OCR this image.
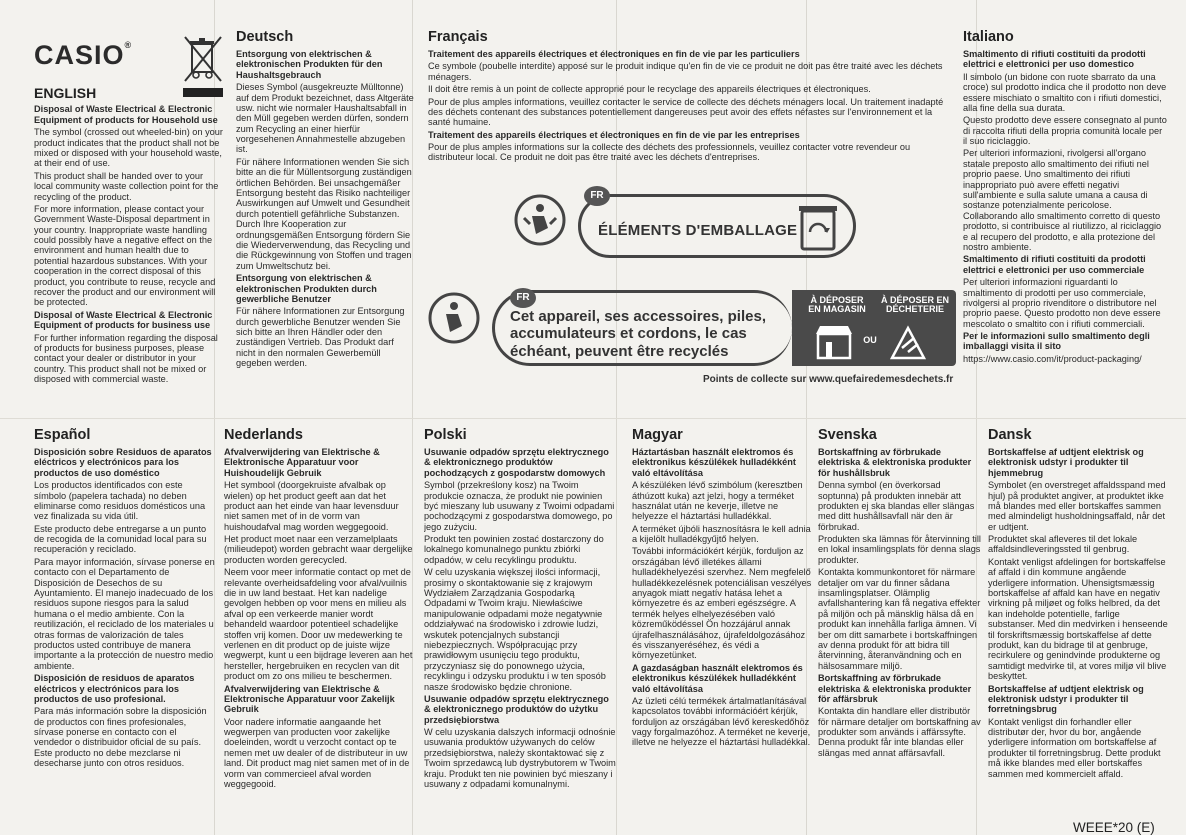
CASIO®
ENGLISH

Disposal of Waste Electrical & Electronic Equipment of products for Household use

The symbol (crossed out wheeled-bin) on your product indicates that the product shall not be mixed or disposed with your household waste, at their end of use.

This product shall be handed over to your local community waste collection point for the recycling of the product.

For more information, please contact your Government Waste-Disposal department in your country. Inappropriate waste handling could possibly have a negative effect on the environment and human health due to potential hazardous substances. With your cooperation in the correct disposal of this product, you contribute to reuse, recycle and recover the product and our environment will be protected.

Disposal of Waste Electrical & Electronic Equipment of products for business use

For further information regarding the disposal of products for business purposes, please contact your dealer or distributor in your country. This product shall not be mixed or disposed with commercial waste.

Deutsch

Entsorgung von elektrischen & elektronischen Produkten für den Haushaltsgebrauch

Dieses Symbol (ausgekreuzte Mülltonne) auf dem Produkt bezeichnet, dass Altgeräte usw. nicht wie normaler Haushaltsabfall in den Müll gegeben werden dürfen, sondern zum Recycling an einer hierfür vorgesehenen Annahmestelle abzugeben ist.

Für nähere Informationen wenden Sie sich bitte an die für Müllentsorgung zuständigen örtlichen Behörden. Bei unsachgemäßer Entsorgung besteht das Risiko nachteiliger Auswirkungen auf Umwelt und Gesundheit durch potentiell gefährliche Substanzen. Durch Ihre Kooperation zur ordnungsgemäßen Entsorgung fördern Sie die Wiederverwendung, das Recycling und die Rückgewinnung von Stoffen und tragen zum Umweltschutz bei.

Entsorgung von elektrischen & elektronischen Produkten durch gewerbliche Benutzer

Für nähere Informationen zur Entsorgung durch gewerbliche Benutzer wenden Sie sich bitte an Ihren Händler oder den zuständigen Vertrieb. Das Produkt darf nicht in den normalen Gewerbemüll gegeben werden.

Français

Traitement des appareils électriques et électroniques en fin de vie par les particuliers

Ce symbole (poubelle interdite) apposé sur le produit indique qu'en fin de vie ce produit ne doit pas être traité avec les déchets ménagers.

Il doit être remis à un point de collecte approprié pour le recyclage des appareils électriques et électroniques.

Pour de plus amples informations, veuillez contacter le service de collecte des déchets ménagers local. Un traitement inadapté des déchets contenant des substances potentiellement dangereuses peut avoir des effets néfastes sur l'environnement et la santé humaine.

Traitement des appareils électriques et électroniques en fin de vie par les entreprises

Pour de plus amples informations sur la collecte des déchets des professionnels, veuillez contacter votre revendeur ou distributeur local. Ce produit ne doit pas être traité avec les déchets d'entreprises.

FR
ÉLÉMENTS D'EMBALLAGE
FR
Cet appareil, ses accessoires, piles, accumulateurs et cordons, le cas échéant, peuvent être recyclés
À DÉPOSER EN MAGASIN
À DÉPOSER EN DÉCHETERIE
OU
Points de collecte sur www.quefairedemesdechets.fr
Italiano

Smaltimento di rifiuti costituiti da prodotti elettrici e elettronici per uso domestico

Il simbolo (un bidone con ruote sbarrato da una croce) sul prodotto indica che il prodotto non deve essere mischiato o smaltito con i rifiuti domestici, alla fine della sua durata.

Questo prodotto deve essere consegnato al punto di raccolta rifiuti della propria comunità locale per il suo riciclaggio.

Per ulteriori informazioni, rivolgersi all'organo statale preposto allo smaltimento dei rifiuti nel proprio paese. Uno smaltimento dei rifiuti inappropriato può avere effetti negativi sull'ambiente e sulla salute umana a causa di sostanze potenzialmente pericolose. Collaborando allo smaltimento corretto di questo prodotto, si contribuisce al riutilizzo, al riciclaggio e al recupero del prodotto, e alla protezione del nostro ambiente.

Smaltimento di rifiuti costituiti da prodotti elettrici e elettronici per uso commerciale

Per ulteriori informazioni riguardanti lo smaltimento di prodotti per uso commerciale, rivolgersi al proprio rivenditore o distributore nel proprio paese. Questo prodotto non deve essere mescolato o smaltito con i rifiuti commerciali.

Per le informazioni sullo smaltimento degli imballaggi visita il sito

https://www.casio.com/it/product-packaging/

Español

Disposición sobre Residuos de aparatos eléctricos y electrónicos para los productos de uso doméstico

Los productos identificados con este símbolo (papelera tachada) no deben eliminarse como residuos domésticos una vez finalizada su vida útil.

Este producto debe entregarse a un punto de recogida de la comunidad local para su recuperación y reciclado.

Para mayor información, sírvase ponerse en contacto con el Departamento de Disposición de Desechos de su Ayuntamiento. El manejo inadecuado de los residuos supone riesgos para la salud humana o el medio ambiente. Con la reutilización, el reciclado de los materiales u otras formas de valorización de tales productos usted contribuye de manera importante a la protección de nuestro medio ambiente.

Disposición de residuos de aparatos eléctricos y electrónicos para los productos de uso profesional.

Para más información sobre la disposición de productos con fines profesionales, sírvase ponerse en contacto con el vendedor o distribuidor oficial de su país. Este producto no debe mezclarse ni desecharse junto con otros residuos.

Nederlands

Afvalverwijdering van Elektrische & Elektronische Apparatuur voor Huishoudelijk Gebruik

Het symbool (doorgekruiste afvalbak op wielen) op het product geeft aan dat het product aan het einde van haar levensduur niet samen met of in de vorm van huishoudafval mag worden weggegooid.

Het product moet naar een verzamelplaats (milieudepot) worden gebracht waar dergelijke producten worden gerecycled.

Neem voor meer informatie contact op met de relevante overheidsafdeling voor afval/vuilnis die in uw land bestaat. Het kan nadelige gevolgen hebben op voor mens en milieu als afval op een verkeerde manier wordt behandeld waardoor potentieel schadelijke stoffen vrij komen. Door uw medewerking te verlenen en dit product op de juiste wijze wegwerpt, kunt u een bijdrage leveren aan het hersteller, hergebruiken en recyclen van dit product om zo ons milieu te beschermen.

Afvalverwijdering van Elektrische & Elektronische Apparatuur voor Zakelijk Gebruik

Voor nadere informatie aangaande het wegwerpen van producten voor zakelijke doeleinden, wordt u verzocht contact op te nemen met uw dealer of de distributeur in uw land. Dit product mag niet samen met of in de vorm van commercieel afval worden weggegooid.

Polski

Usuwanie odpadów sprzętu elektrycznego & elektronicznego produktów pochodzących z gospodarstw domowych

Symbol (przekreślony kosz) na Twoim produkcie oznacza, że produkt nie powinien być mieszany lub usuwany z Twoimi odpadami pochodzącymi z gospodarstwa domowego, po jego zużyciu.

Produkt ten powinien zostać dostarczony do lokalnego komunalnego punktu zbiórki odpadów, w celu recyklingu produktu.

W celu uzyskania większej ilości informacji, prosimy o skontaktowanie się z krajowym Wydziałem Zarządzania Gospodarką Odpadami w Twoim kraju. Niewłaściwe manipulowanie odpadami może negatywnie oddziaływać na środowisko i zdrowie ludzi, wskutek potencjalnych substancji niebezpiecznych. Współpracując przy prawidłowym usunięciu tego produktu, przyczyniasz się do ponownego użycia, recyklingu i odzysku produktu i w ten sposób nasze środowisko będzie chronione.

Usuwanie odpadów sprzętu elektrycznego & elektronicznego produktów do użytku przedsiębiorstwa

W celu uzyskania dalszych informacji odnośnie usuwania produktów używanych do celów przedsiębiorstwa, należy skontaktować się z Twoim sprzedawcą lub dystrybutorem w Twoim kraju. Produkt ten nie powinien być mieszany i usuwany z odpadami komunalnymi.

Magyar

Háztartásban használt elektromos és elektronikus készülékek hulladékként való eltávolítása

A készüléken lévő szimbólum (keresztben áthúzott kuka) azt jelzi, hogy a terméket használat után ne keverje, illetve ne helyezze el háztartási hulladékkal.

A terméket újbóli hasznosításra le kell adnia a kijelölt hulladékgyűjtő helyen.

További információkért kérjük, forduljon az országában lévő illetékes állami hulladékhelyezési szervhez. Nem megfelelő hulladékkezelésnek potenciálisan veszélyes anyagok miatt negatív hatása lehet a környezetre és az emberi egészségre. A termék helyes elhelyezésében való közreműködéssel Ön hozzájárul annak újrafelhasználásához, újrafeldolgozásához és visszanyeréséhez, és védi a környezetünket.

A gazdaságban használt elektromos és elektronikus készülékek hulladékként való eltávolítása

Az üzleti célú termékek ártalmatlanításával kapcsolatos további információért kérjük, forduljon az országában lévő kereskedőhöz vagy forgalmazóhoz. A terméket ne keverje, illetve ne helyezze el háztartási hulladékkal.

Svenska

Bortskaffning av förbrukade elektriska & elektroniska produkter för hushållsbruk

Denna symbol (en överkorsad soptunna) på produkten innebär att produkten ej ska blandas eller slängas med ditt hushållsavfall när den är förbrukad.

Produkten ska lämnas för återvinning till en lokal insamlingsplats för denna slags produkter.

Kontakta kommunkontoret för närmare detaljer om var du finner sådana insamlingsplatser. Olämplig avfallshantering kan få negativa effekter på miljön och på mänsklig hälsa då en produkt kan innehålla farliga ämnen. Vi ber om ditt samarbete i bortskaffningen av denna produkt för att bidra till återvinning, återanvändning och en hälsosammare miljö.

Bortskaffning av förbrukade elektriska & elektroniska produkter för affärsbruk

Kontakta din handlare eller distributör för närmare detaljer om bortskaffning av produkter som används i affärssyfte. Denna produkt får inte blandas eller slängas med annat affärsavfall.

Dansk

Bortskaffelse af udtjent elektrisk og elektronisk udstyr i produkter til hjemmebrug

Symbolet (en overstreget affaldsspand med hjul) på produktet angiver, at produktet ikke må blandes med eller bortskaffes sammen med almindeligt husholdningsaffald, når det er udtjent.

Produktet skal afleveres til det lokale affaldsindleveringssted til genbrug.

Kontakt venligst afdelingen for bortskaffelse af affald i din kommune angående yderligere information. Uhensigtsmæssig bortskaffelse af affald kan have en negativ virkning på miljøet og folks helbred, da det kan indeholde potentielle, farlige substanser. Med din medvirken i henseende til forskriftsmæssig bortskaffelse af dette produkt, kan du bidrage til at genbruge, recirkulere og genindvinde produkterne og samtidigt medvirke til, at vores miljø vil blive beskyttet.

Bortskaffelse af udtjent elektrisk og elektronisk udstyr i produkter til forretningsbrug

Kontakt venligst din forhandler eller distributør der, hvor du bor, angående yderligere information om bortskaffelse af produkter til forretningsbrug. Dette produkt må ikke blandes med eller bortskaffes sammen med kommercielt affald.

WEEE*20 (E)
